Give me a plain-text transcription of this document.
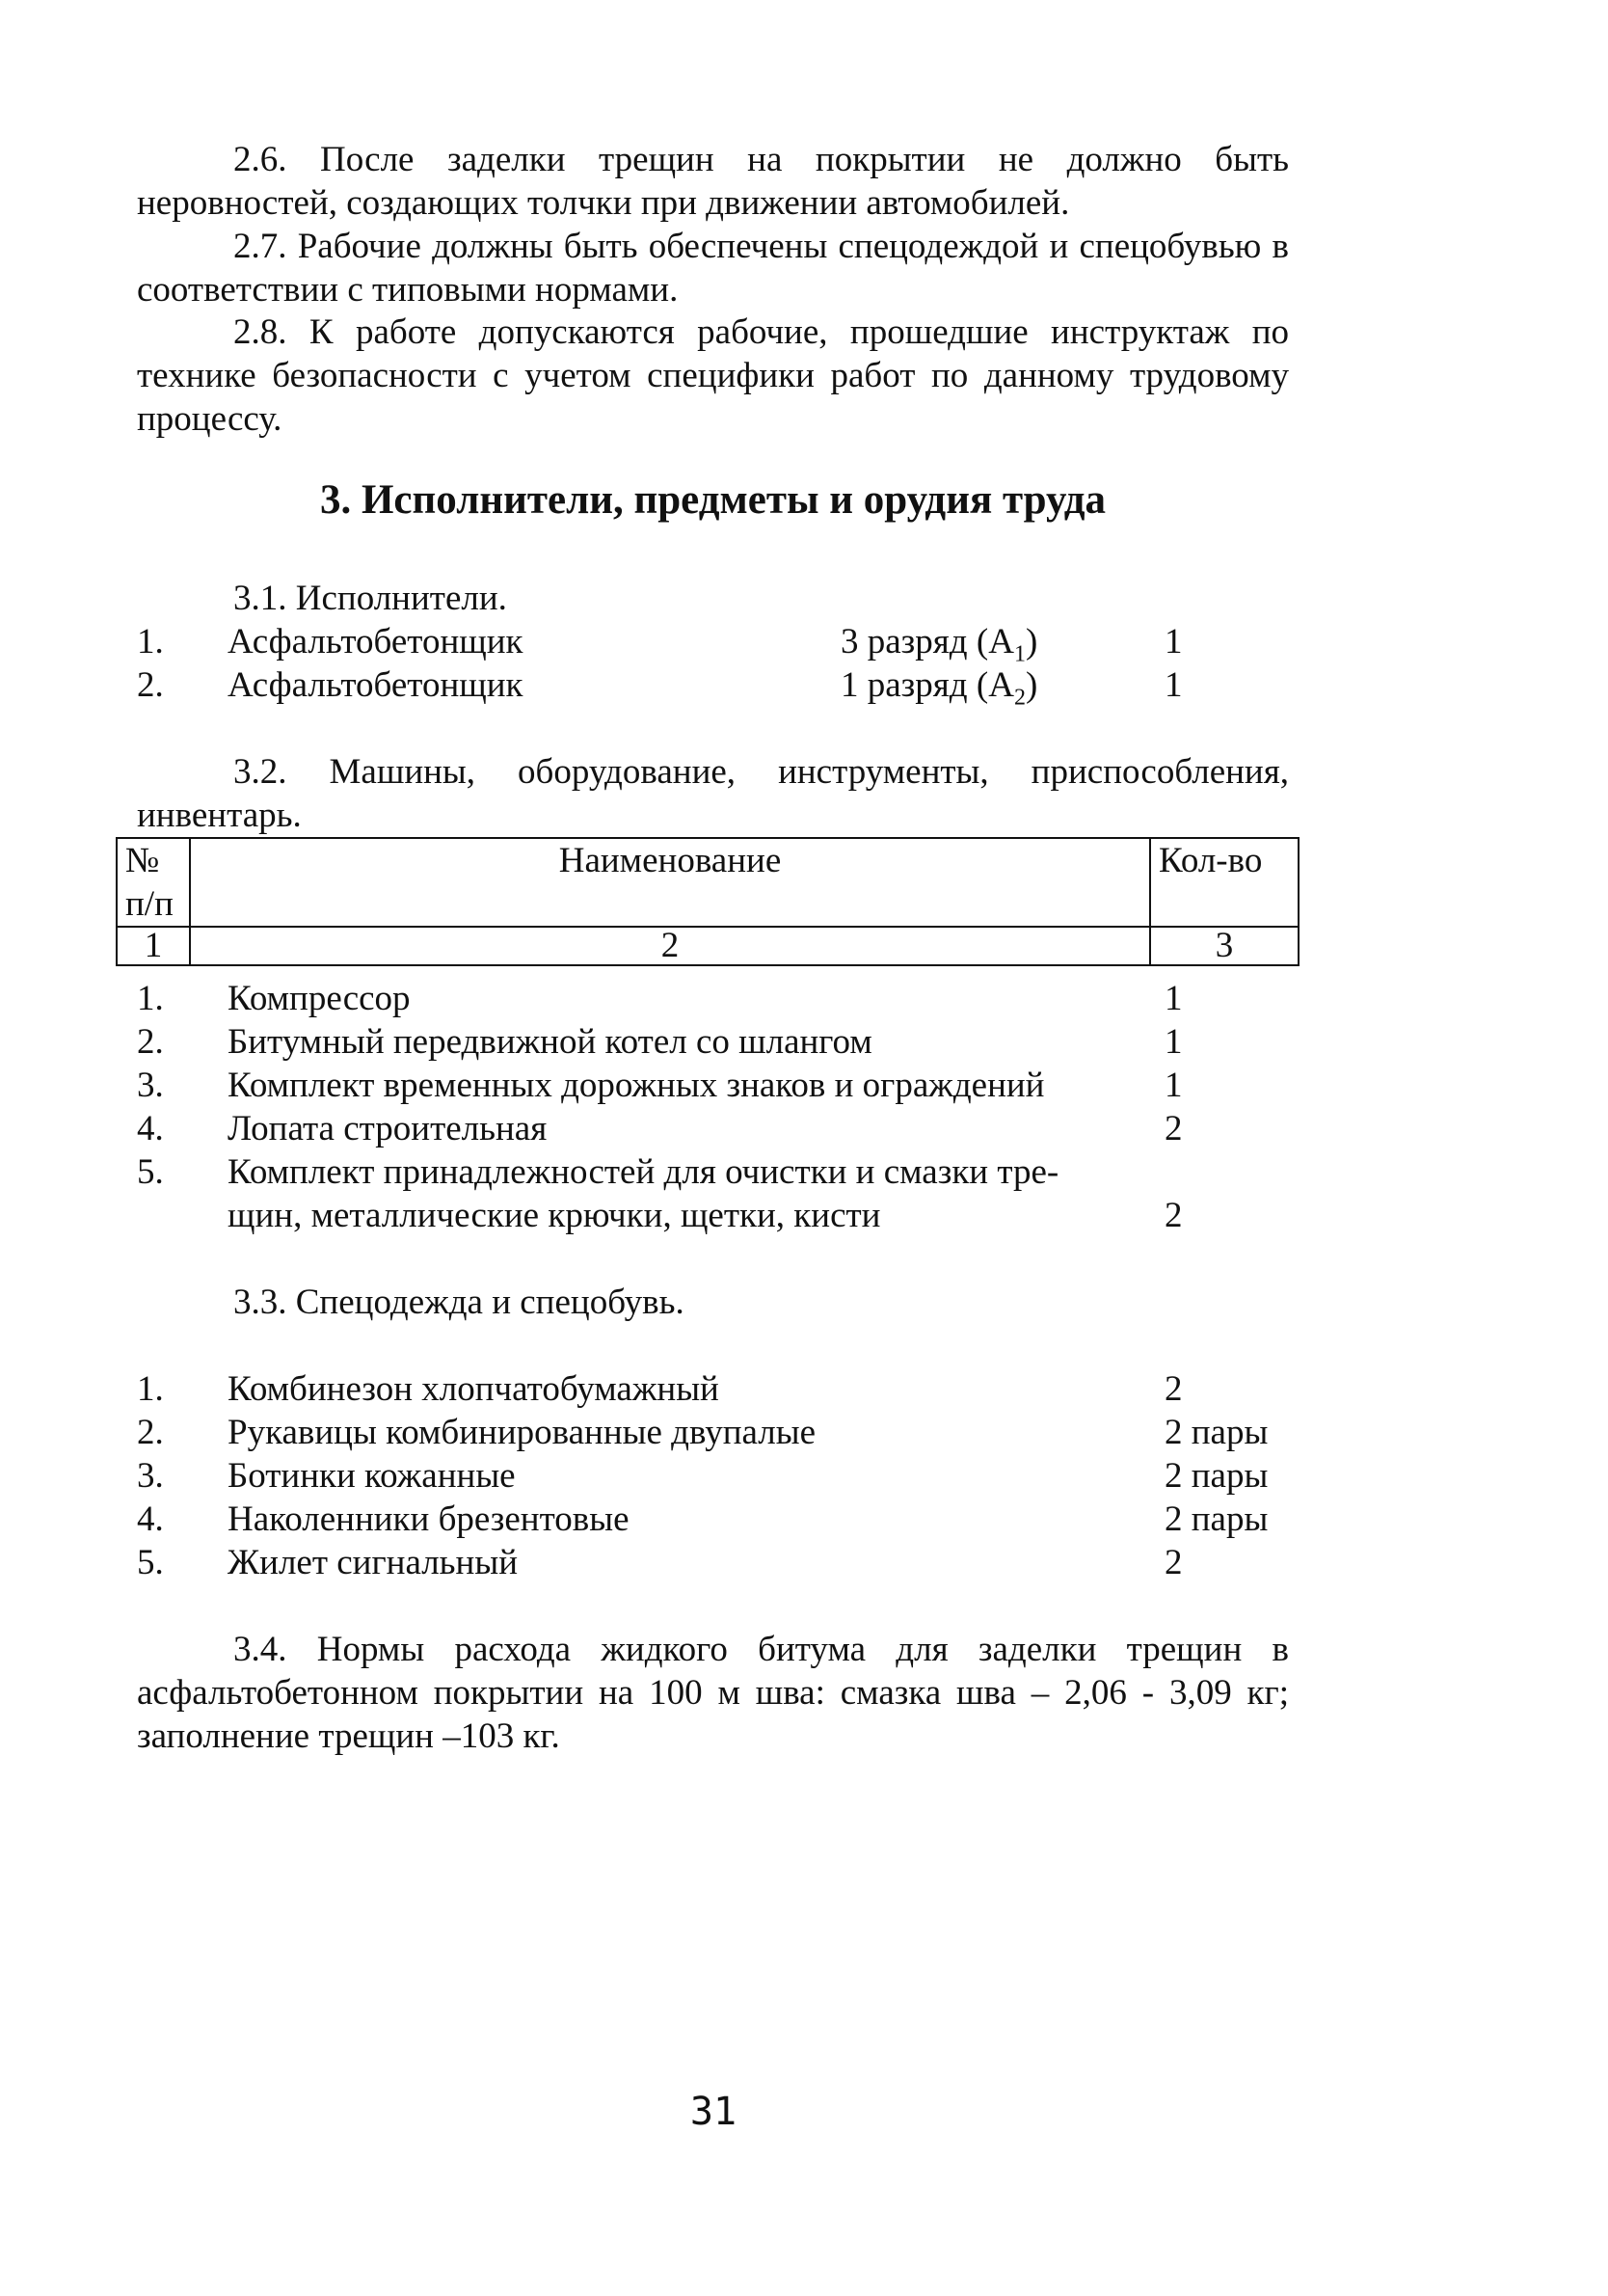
2.6. После заделки трещин на покрытии не должно быть неровностей, создающих толчки при движении автомобилей.

2.7. Рабочие должны быть обеспечены спецодеждой и спецобувью в соответствии с типовыми нормами.

2.8. К работе допускаются рабочие, прошедшие инструктаж по технике безопасности с учетом специфики работ по данному трудовому процессу.

3. Исполнители, предметы и орудия труда

3.1. Исполнители.

1. Асфальтобетонщик	3 разряд $(A_1)$	1
2. Асфальтобетонщик	1 разряд $(A_2)$	1

3.2. Машины, оборудование, инструменты, приспособления, инвентарь.

№ п/п	Наименование	Кол-во
1	2	3
1. Компрессор	1
2. Битумный передвижной котел со шлангом	1
3. Комплект временных дорожных знаков и ограждений	1
4. Лопата строительная	2
5. Комплект принадлежностей для очистки и смазки тре-
щин, металлические крючки, щетки, кисти	2

3.3. Спецодежда и спецобувь.

1. Комбинезон хлопчатобумажный	2
2. Рукавицы комбинированные двупалые	2 пары
3. Ботинки кожанные	2 пары
4. Наколенники брезентовые	2 пары
5. Жилет сигнальный	2

3.4. Нормы расхода жидкого битума для заделки трещин в асфальтобетонном покрытии на 100 м шва: смазка шва – 2,06 - 3,09 кг; заполнение трещин –103 кг.

31
